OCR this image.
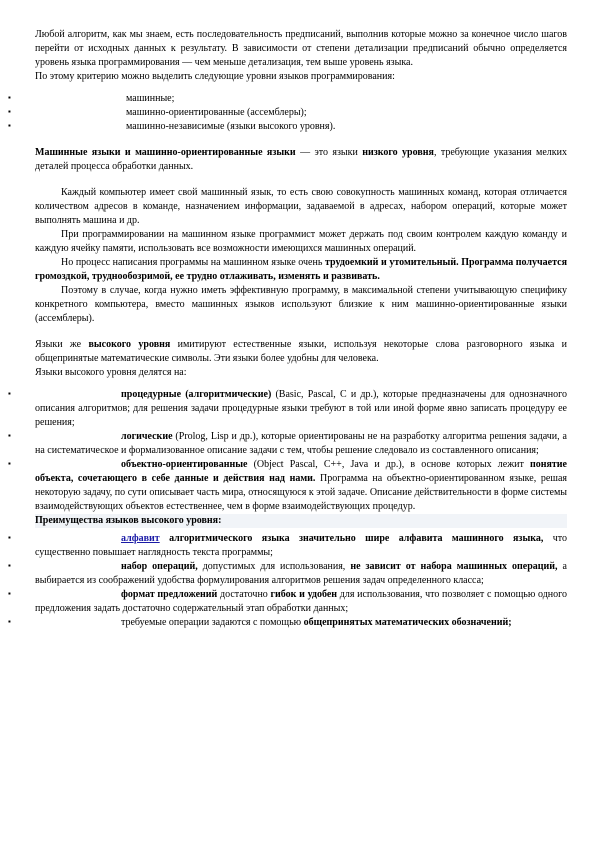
Любой алгоритм, как мы знаем, есть последовательность предписаний, выполнив которые можно за конечное число шагов перейти от исходных данных к результату. В зависимости от степени детализации предписаний обычно определяется уровень языка программирования — чем меньше детализация, тем выше уровень языка.

По этому критерию можно выделить следующие уровни языков программирования:

▪ машинные;
▪ машинно-ориентированные (ассемблеры);
▪ машинно-независимые (языки высокого уровня).

Машинные языки и машинно-ориентированные языки — это языки низкого уровня, требующие указания мелких деталей процесса обработки данных.

Каждый компьютер имеет свой машинный язык, то есть свою совокупность машинных команд, которая отличается количеством адресов в команде, назначением информации, задаваемой в адресах, набором операций, которые может выполнять машина и др.

При программировании на машинном языке программист может держать под своим контролем каждую команду и каждую ячейку памяти, использовать все возможности имеющихся машинных операций.

Но процесс написания программы на машинном языке очень трудоемкий и утомительный. Программа получается громоздкой, труднообозримой, ее трудно отлаживать, изменять и развивать.

Поэтому в случае, когда нужно иметь эффективную программу, в максимальной степени учитывающую специфику конкретного компьютера, вместо машинных языков используют близкие к ним машинно-ориентированные языки (ассемблеры).

Языки же высокого уровня имитируют естественные языки, используя некоторые слова разговорного языка и общепринятые математические символы. Эти языки более удобны для человека.

Языки высокого уровня делятся на:

▪ процедурные (алгоритмические) (Basic, Pascal, C и др.), которые предназначены для однозначного описания алгоритмов; для решения задачи процедурные языки требуют в той или иной форме явно записать процедуру ее решения;
▪ логические (Prolog, Lisp и др.), которые ориентированы не на разработку алгоритма решения задачи, а на систематическое и формализованное описание задачи с тем, чтобы решение следовало из составленного описания;
▪ объектно-ориентированные (Object Pascal, C++, Java и др.), в основе которых лежит понятие объекта, сочетающего в себе данные и действия над нами. Программа на объектно-ориентированном языке, решая некоторую задачу, по сути описывает часть мира, относящуюся к этой задаче. Описание действительности в форме системы взаимодействующих объектов естественнее, чем в форме взаимодействующих процедур.

Преимущества языков высокого уровня:

▪ алфавит алгоритмического языка значительно шире алфавита машинного языка, что существенно повышает наглядность текста программы;
▪ набор операций, допустимых для использования, не зависит от набора машинных операций, а выбирается из соображений удобства формулирования алгоритмов решения задач определенного класса;
▪ формат предложений достаточно гибок и удобен для использования, что позволяет с помощью одного предложения задать достаточно содержательный этап обработки данных;
▪ требуемые операции задаются с помощью общепринятых математических обозначений;
